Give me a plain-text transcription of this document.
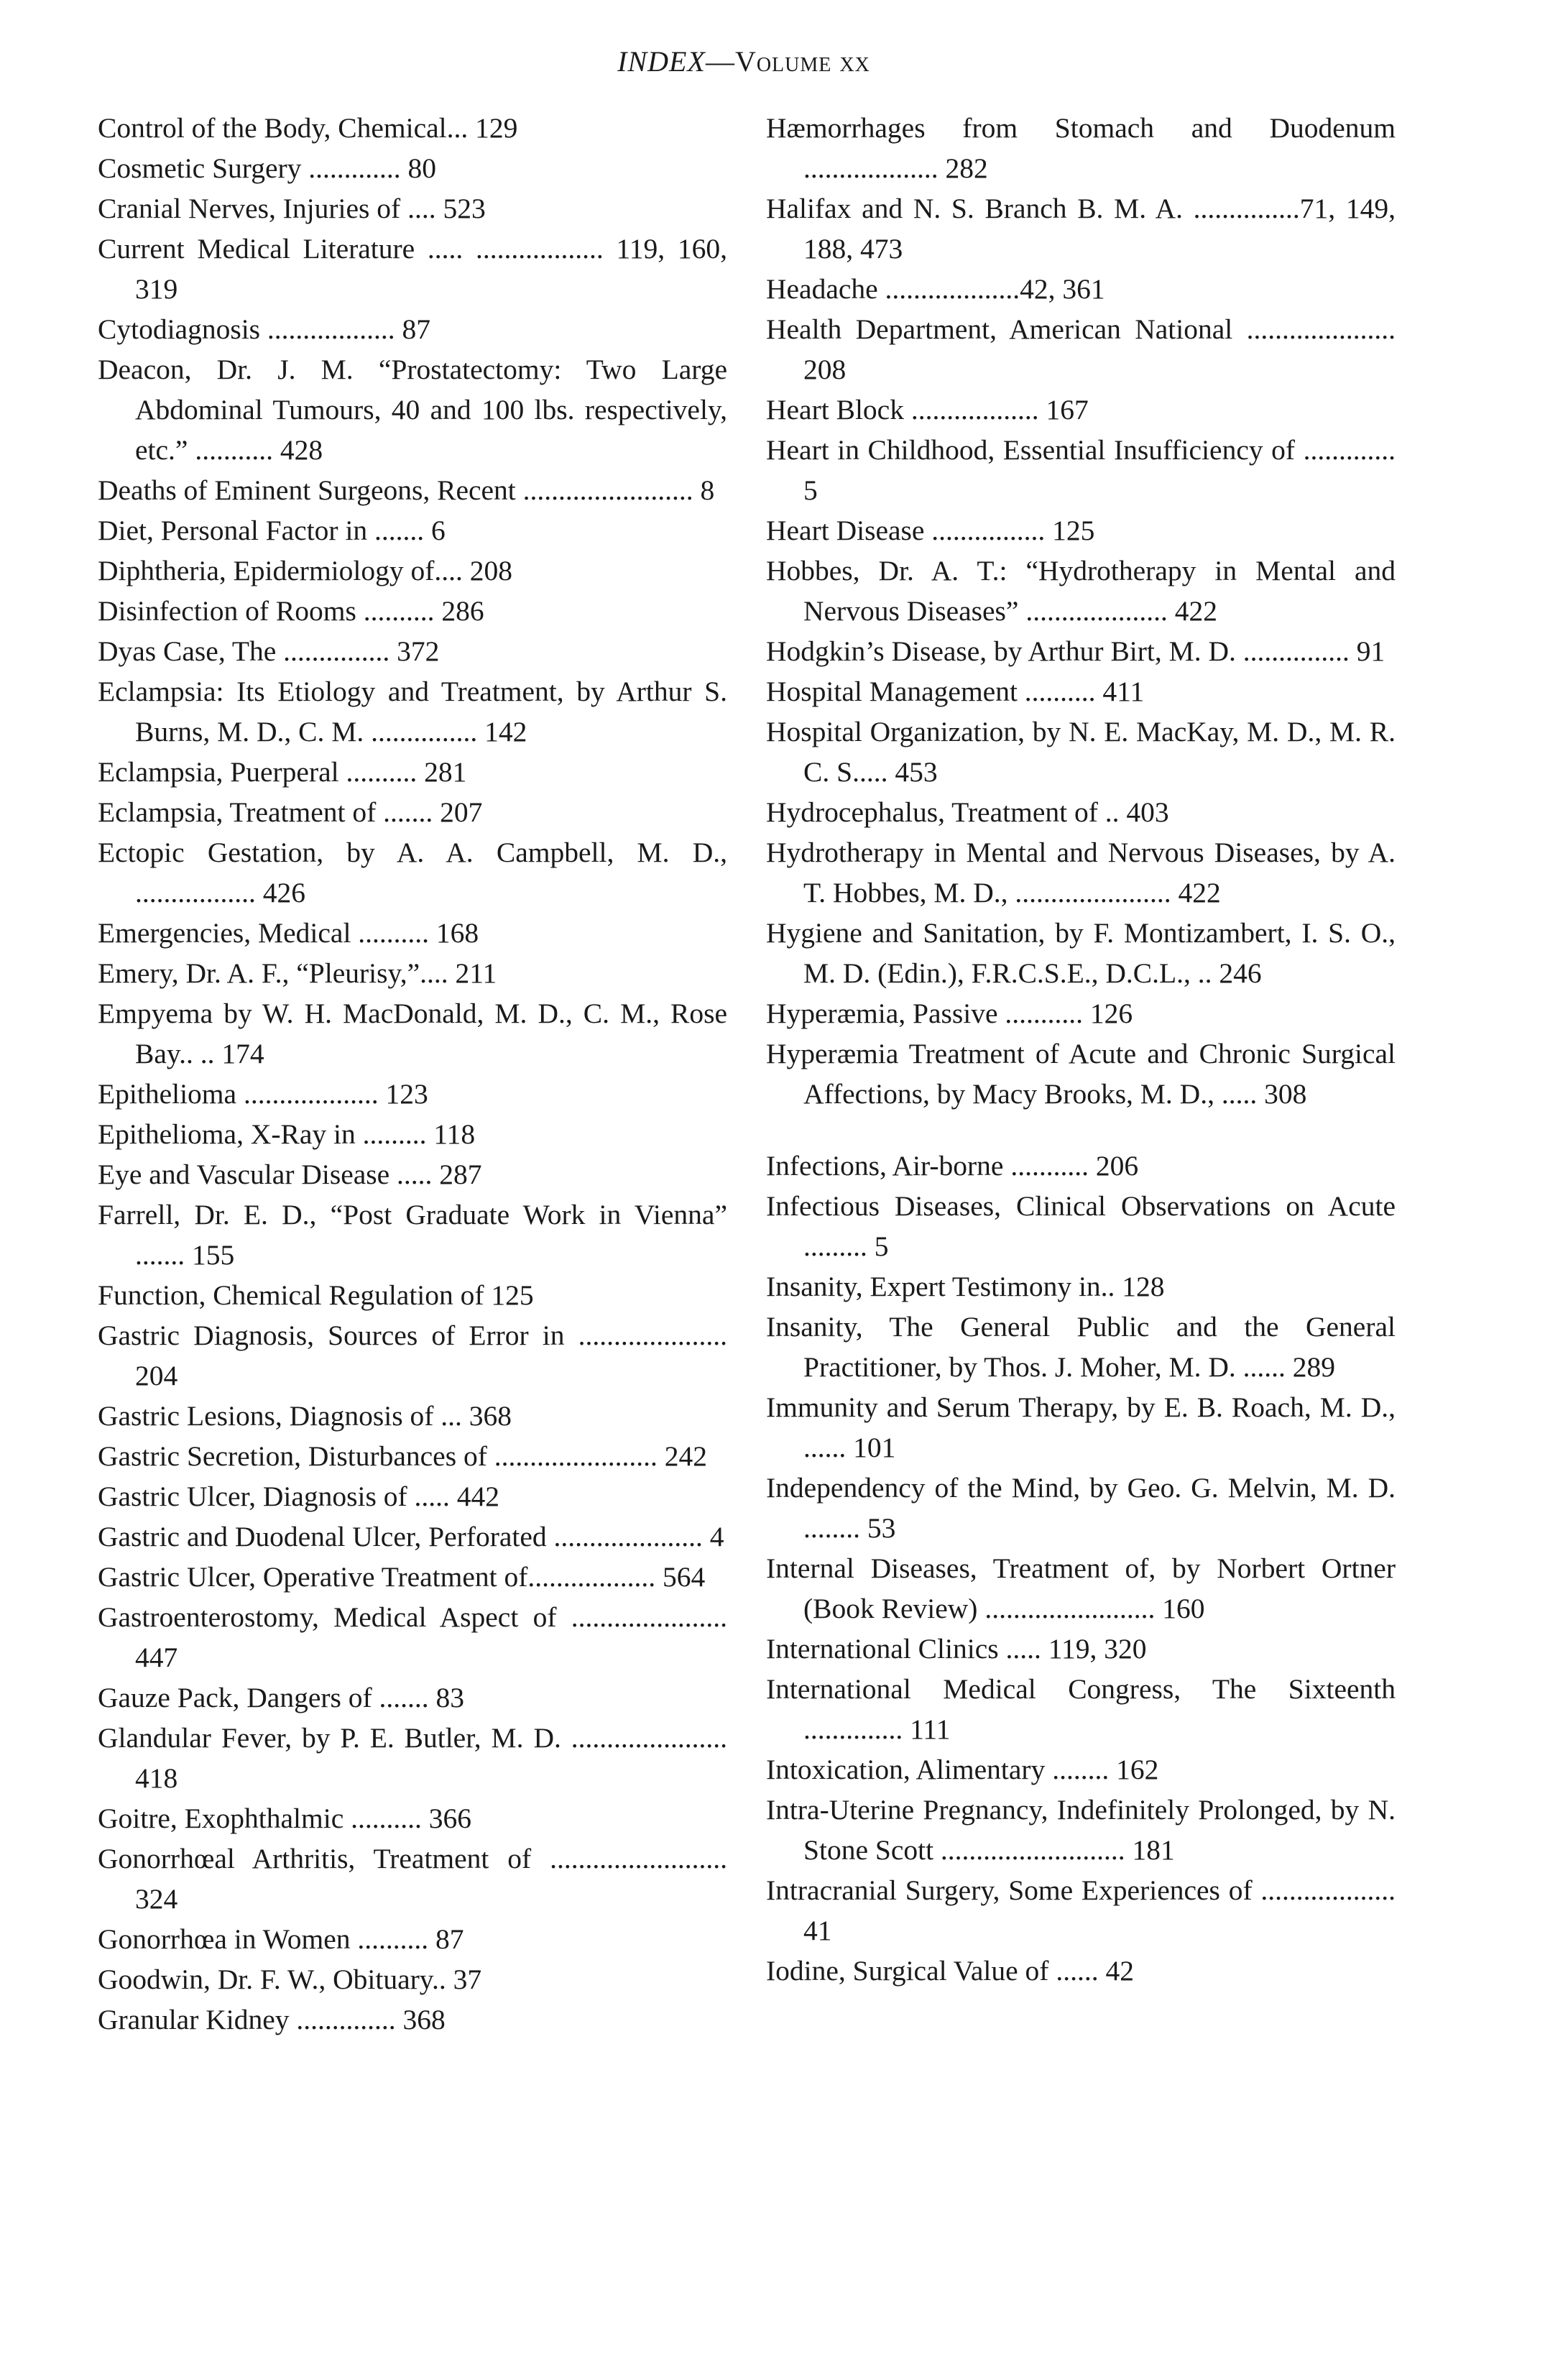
INDEX—Volume xx
Control of the Body, Chemical... 129
Cosmetic Surgery ............. 80
Cranial Nerves, Injuries of .... 523
Current Medical Literature ..... .................. 119, 160, 319
Cytodiagnosis .................. 87
Deacon, Dr. J. M. “Prostatectomy: Two Large Abdominal Tumours, 40 and 100 lbs. respectively, etc.” ........... 428
Deaths of Eminent Surgeons, Recent ........................ 8
Diet, Personal Factor in ....... 6
Diphtheria, Epidermiology of.... 208
Disinfection of Rooms .......... 286
Dyas Case, The ............... 372
Eclampsia: Its Etiology and Treatment, by Arthur S. Burns, M. D., C. M. ............... 142
Eclampsia, Puerperal .......... 281
Eclampsia, Treatment of ....... 207
Ectopic Gestation, by A. A. Campbell, M. D., ................. 426
Emergencies, Medical .......... 168
Emery, Dr. A. F., “Pleurisy,”.... 211
Empyema by W. H. MacDonald, M. D., C. M., Rose Bay.. .. 174
Epithelioma ................... 123
Epithelioma, X-Ray in ......... 118
Eye and Vascular Disease ..... 287
Farrell, Dr. E. D., “Post Graduate Work in Vienna” ....... 155
Function, Chemical Regulation of 125
Gastric Diagnosis, Sources of Error in ..................... 204
Gastric Lesions, Diagnosis of ... 368
Gastric Secretion, Disturbances of ....................... 242
Gastric Ulcer, Diagnosis of ..... 442
Gastric and Duodenal Ulcer, Perforated ..................... 4
Gastric Ulcer, Operative Treatment of.................. 564
Gastroenterostomy, Medical Aspect of ...................... 447
Gauze Pack, Dangers of ....... 83
Glandular Fever, by P. E. Butler, M. D. ...................... 418
Goitre, Exophthalmic .......... 366
Gonorrhœal Arthritis, Treatment of ......................... 324
Gonorrhœa in Women .......... 87
Goodwin, Dr. F. W., Obituary.. 37
Granular Kidney .............. 368
Hæmorrhages from Stomach and Duodenum ................... 282
Halifax and N. S. Branch B. M. A. ...............71, 149, 188, 473
Headache ...................42, 361
Health Department, American National ..................... 208
Heart Block .................. 167
Heart in Childhood, Essential Insufficiency of ............. 5
Heart Disease ................ 125
Hobbes, Dr. A. T.: “Hydrotherapy in Mental and Nervous Diseases” .................... 422
Hodgkin’s Disease, by Arthur Birt, M. D. ............... 91
Hospital Management .......... 411
Hospital Organization, by N. E. MacKay, M. D., M. R. C. S..... 453
Hydrocephalus, Treatment of .. 403
Hydrotherapy in Mental and Nervous Diseases, by A. T. Hobbes, M. D., ...................... 422
Hygiene and Sanitation, by F. Montizambert, I. S. O., M. D. (Edin.), F.R.C.S.E., D.C.L., .. 246
Hyperæmia, Passive ........... 126
Hyperæmia Treatment of Acute and Chronic Surgical Affections, by Macy Brooks, M. D., ..... 308
Infections, Air-borne ........... 206
Infectious Diseases, Clinical Observations on Acute ......... 5
Insanity, Expert Testimony in.. 128
Insanity, The General Public and the General Practitioner, by Thos. J. Moher, M. D. ...... 289
Immunity and Serum Therapy, by E. B. Roach, M. D., ...... 101
Independency of the Mind, by Geo. G. Melvin, M. D. ........ 53
Internal Diseases, Treatment of, by Norbert Ortner (Book Review) ........................ 160
International Clinics ..... 119, 320
International Medical Congress, The Sixteenth .............. 111
Intoxication, Alimentary ........ 162
Intra-Uterine Pregnancy, Indefinitely Prolonged, by N. Stone Scott .......................... 181
Intracranial Surgery, Some Experiences of ................... 41
Iodine, Surgical Value of ...... 42
